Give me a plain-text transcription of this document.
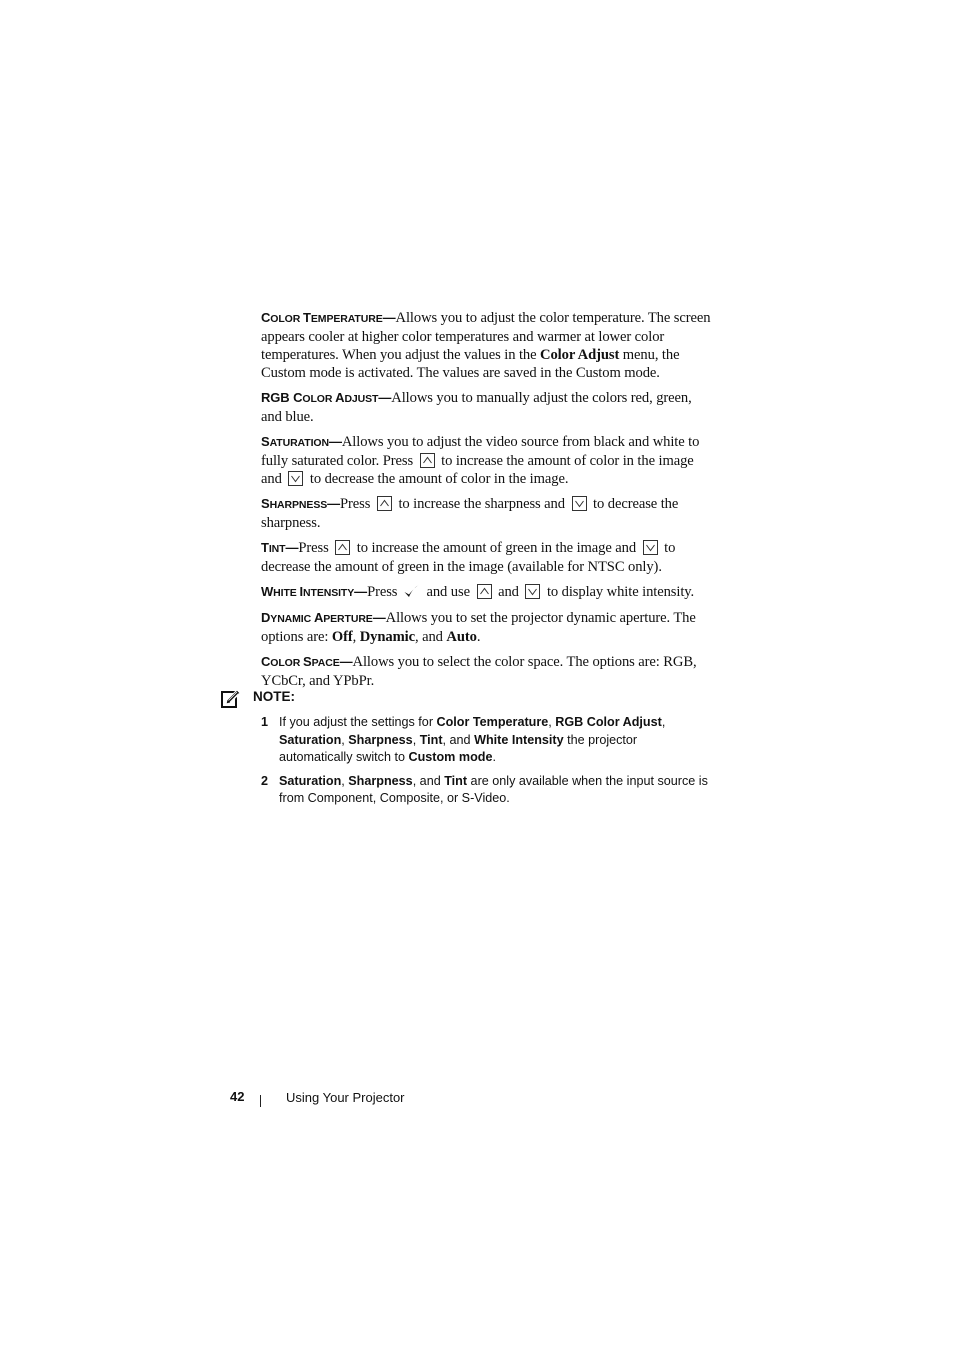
COLOR TEMPERATURE—Allows you to adjust the color temperature. The screen appears cooler at higher color temperatures and warmer at lower color temperatures. When you adjust the values in the Color Adjust menu, the Custom mode is activated. The values are saved in the Custom mode.

RGB COLOR ADJUST—Allows you to manually adjust the colors red, green, and blue.

SATURATION—Allows you to adjust the video source from black and white to fully saturated color. Press
to increase the amount of color in the image and
to decrease the amount of color in the image.

SHARPNESS—Press
to increase the sharpness and
to decrease the sharpness.

TINT—Press
to increase the amount of green in the image and
to decrease the amount of green in the image (available for NTSC only).

WHITE INTENSITY—Press  and use
and
to display white intensity.

DYNAMIC APERTURE—Allows you to set the projector dynamic aperture. The options are: Off, Dynamic, and Auto.

COLOR SPACE—Allows you to select the color space. The options are: RGB, YCbCr, and YPbPr.

NOTE:
1 If you adjust the settings for Color Temperature, RGB Color Adjust, Saturation, Sharpness, Tint, and White Intensity the projector automatically switch to Custom mode.
2 Saturation, Sharpness, and Tint are only available when the input source is from Component, Composite, or S-Video.
42	Using Your Projector
